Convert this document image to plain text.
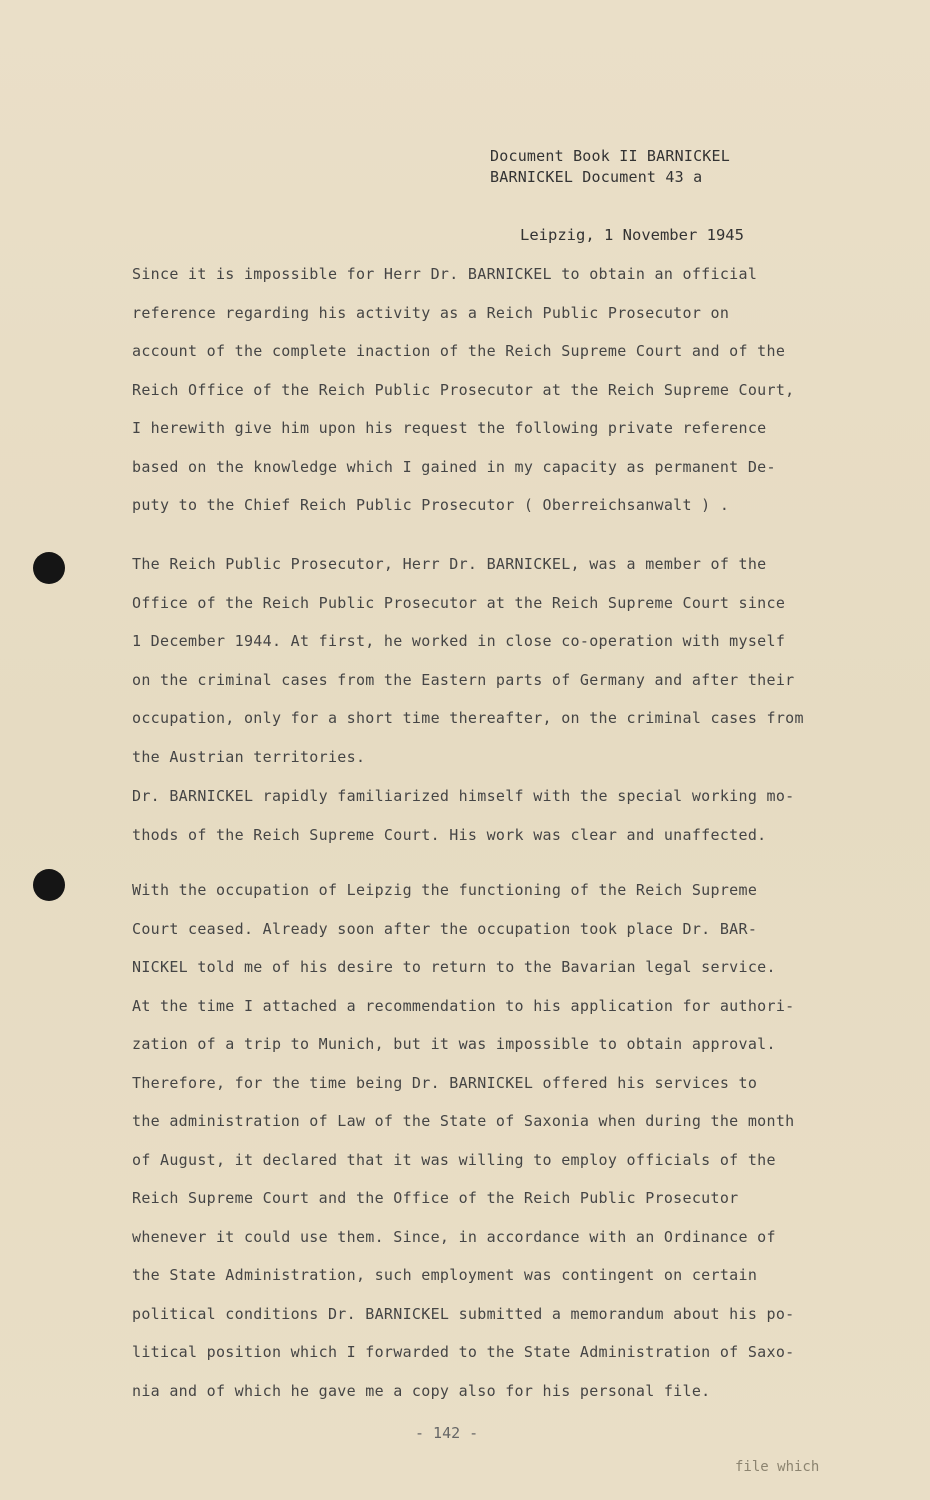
Document Book II BARNICKEL
BARNICKEL Document 43 a
Leipzig, 1 November 1945
Since it is impossible for Herr Dr. BARNICKEL to obtain an official
reference regarding his activity as a Reich Public Prosecutor on
account of the complete inaction of the Reich Supreme Court and of the
Reich Office of the Reich Public Prosecutor at the Reich Supreme Court,
I herewith give him upon his request the following private reference
based on the knowledge which I gained in my capacity as permanent De-
puty to the Chief Reich Public Prosecutor ( Oberreichsanwalt ) .
The Reich Public Prosecutor, Herr Dr. BARNICKEL, was a member of the
Office of the Reich Public Prosecutor at the Reich Supreme Court since
1 December 1944. At first, he worked in close co-operation with myself
on the criminal cases from the Eastern parts of Germany and after their
occupation, only for a short time thereafter, on the criminal cases from
the Austrian territories.
Dr. BARNICKEL rapidly familiarized himself with the special working mo-
thods of the Reich Supreme Court. His work was clear and unaffected.
With the occupation of Leipzig the functioning of the Reich Supreme
Court ceased. Already soon after the occupation took place Dr. BAR-
NICKEL told me of his desire to return to the Bavarian legal service.
At the time I attached a recommendation to his application for authori-
zation of a trip to Munich, but it was impossible to obtain approval.
Therefore, for the time being Dr. BARNICKEL offered his services to
the administration of Law of the State of Saxonia when during the month
of August, it declared that it was willing to employ officials of the
Reich Supreme Court and the Office of the Reich Public Prosecutor
whenever it could use them. Since, in accordance with an Ordinance of
the State Administration, such employment was contingent on certain
political conditions Dr. BARNICKEL submitted a memorandum about his po-
litical position which I forwarded to the State Administration of Saxo-
nia and of which he gave me a copy also for his personal file.
- 142 -
file which
